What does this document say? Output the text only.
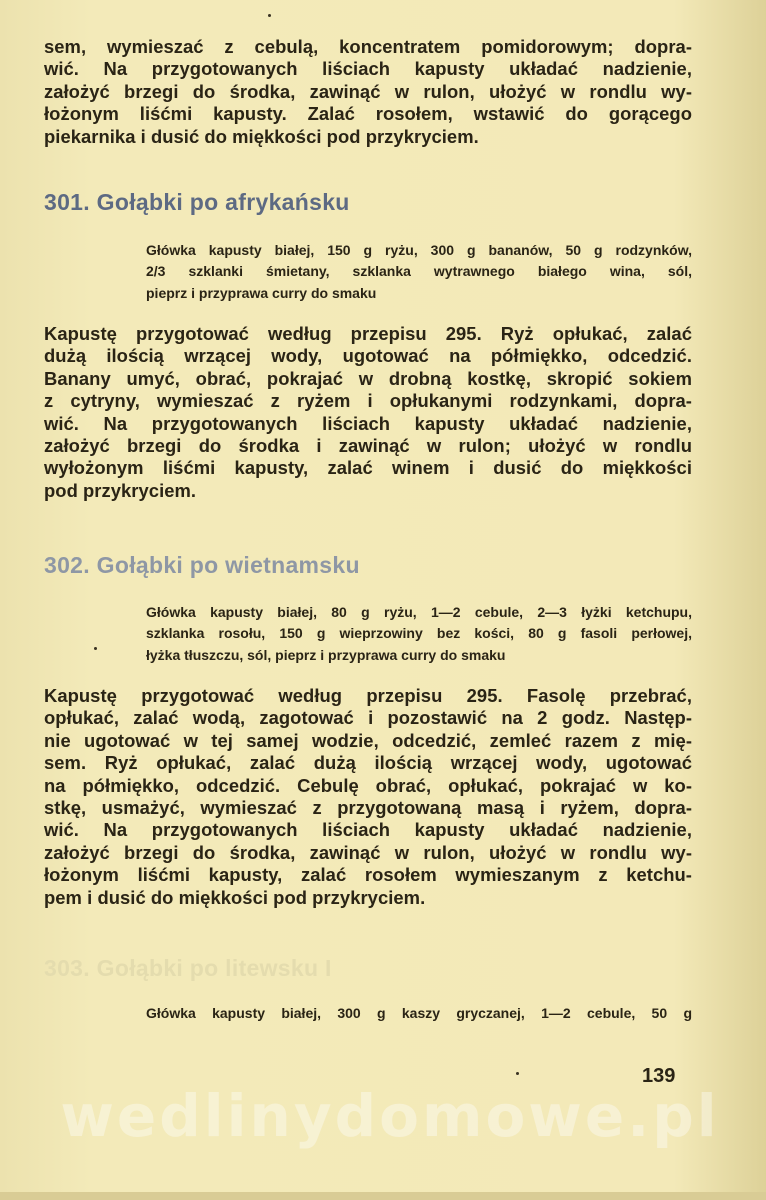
sem, wymieszać z cebulą, koncentratem pomidorowym; dopra-
wić. Na przygotowanych liściach kapusty układać nadzienie,
założyć brzegi do środka, zawinąć w rulon, ułożyć w rondlu wy-
łożonym liśćmi kapusty. Zalać rosołem, wstawić do gorącego
piekarnika i dusić do miękkości pod przykryciem.
301. Gołąbki po afrykańsku
Główka kapusty białej, 150 g ryżu, 300 g bananów, 50 g rodzynków,
2/3 szklanki śmietany, szklanka wytrawnego białego wina, sól,
pieprz i przyprawa curry do smaku
Kapustę przygotować według przepisu 295. Ryż opłukać, zalać
dużą ilością wrzącej wody, ugotować na półmiękko, odcedzić.
Banany umyć, obrać, pokrajać w drobną kostkę, skropić sokiem
z cytryny, wymieszać z ryżem i opłukanymi rodzynkami, dopra-
wić. Na przygotowanych liściach kapusty układać nadzienie,
założyć brzegi do środka i zawinąć w rulon; ułożyć w rondlu
wyłożonym liśćmi kapusty, zalać winem i dusić do miękkości
pod przykryciem.
302. Gołąbki po wietnamsku
Główka kapusty białej, 80 g ryżu, 1—2 cebule, 2—3 łyżki ketchupu,
szklanka rosołu, 150 g wieprzowiny bez kości, 80 g fasoli perłowej,
łyżka tłuszczu, sól, pieprz i przyprawa curry do smaku
Kapustę przygotować według przepisu 295. Fasolę przebrać,
opłukać, zalać wodą, zagotować i pozostawić na 2 godz. Następ-
nie ugotować w tej samej wodzie, odcedzić, zemleć razem z mię-
sem. Ryż opłukać, zalać dużą ilością wrzącej wody, ugotować
na półmiękko, odcedzić. Cebulę obrać, opłukać, pokrajać w ko-
stkę, usmażyć, wymieszać z przygotowaną masą i ryżem, dopra-
wić. Na przygotowanych liściach kapusty układać nadzienie,
założyć brzegi do środka, zawinąć w rulon, ułożyć w rondlu wy-
łożonym liśćmi kapusty, zalać rosołem wymieszanym z ketchu-
pem i dusić do miękkości pod przykryciem.
303. Gołąbki po litewsku I
Główka kapusty białej, 300 g kaszy gryczanej, 1—2 cebule, 50 g
139
wedlinydomowe.pl
